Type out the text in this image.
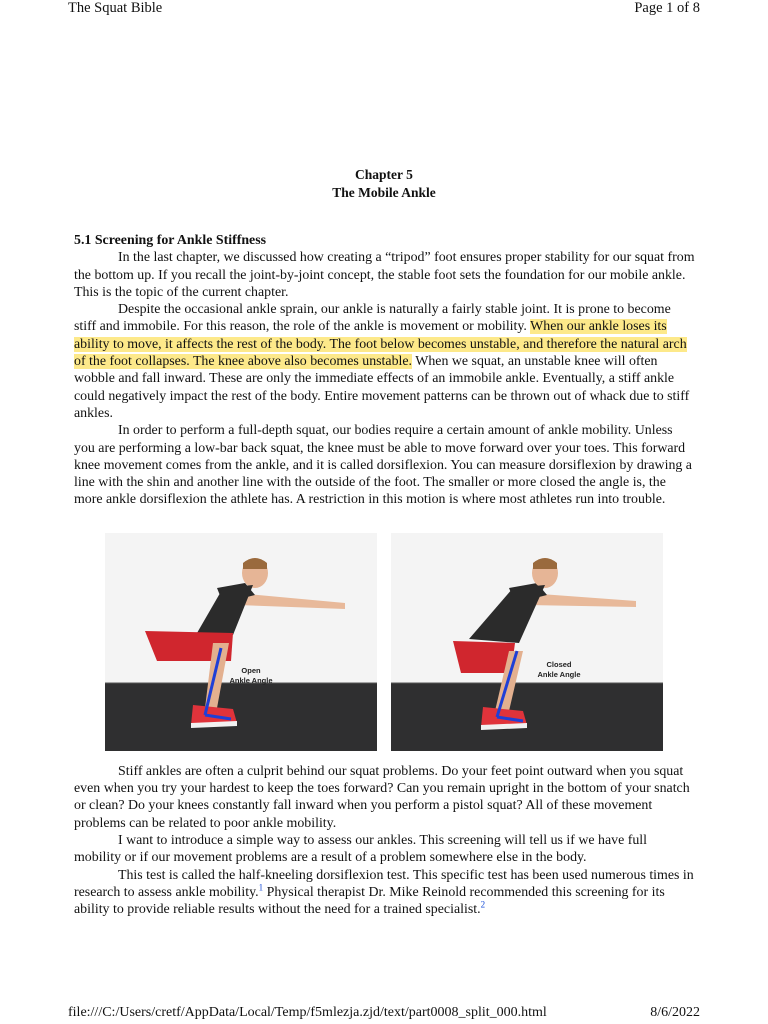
The Squat Bible	Page 1 of 8
Chapter 5
The Mobile Ankle
5.1 Screening for Ankle Stiffness

In the last chapter, we discussed how creating a “tripod” foot ensures proper stability for our squat from the bottom up. If you recall the joint-by-joint concept, the stable foot sets the foundation for our mobile ankle. This is the topic of the current chapter.

Despite the occasional ankle sprain, our ankle is naturally a fairly stable joint. It is prone to become stiff and immobile. For this reason, the role of the ankle is movement or mobility. When our ankle loses its ability to move, it affects the rest of the body. The foot below becomes unstable, and therefore the natural arch of the foot collapses. The knee above also becomes unstable. When we squat, an unstable knee will often wobble and fall inward. These are only the immediate effects of an immobile ankle. Eventually, a stiff ankle could negatively impact the rest of the body. Entire movement patterns can be thrown out of whack due to stiff ankles.

In order to perform a full-depth squat, our bodies require a certain amount of ankle mobility. Unless you are performing a low-bar back squat, the knee must be able to move forward over your toes. This forward knee movement comes from the ankle, and it is called dorsiflexion. You can measure dorsiflexion by drawing a line with the shin and another line with the outside of the foot. The smaller or more closed the angle is, the more ankle dorsiflexion the athlete has. A restriction in this motion is where most athletes run into trouble.

Open
Ankle Angle
Closed
Ankle Angle

Stiff ankles are often a culprit behind our squat problems. Do your feet point outward when you squat even when you try your hardest to keep the toes forward? Can you remain upright in the bottom of your snatch or clean? Do your knees constantly fall inward when you perform a pistol squat? All of these movement problems can be related to poor ankle mobility.

I want to introduce a simple way to assess our ankles. This screening will tell us if we have full mobility or if our movement problems are a result of a problem somewhere else in the body.

This test is called the half-kneeling dorsiflexion test. This specific test has been used numerous times in research to assess ankle mobility.$^1$ Physical therapist Dr. Mike Reinold recommended this screening for its ability to provide reliable results without the need for a trained specialist.$^2$

file:///C:/Users/cretf/AppData/Local/Temp/f5mlezja.zjd/text/part0008_split_000.html	8/6/2022
